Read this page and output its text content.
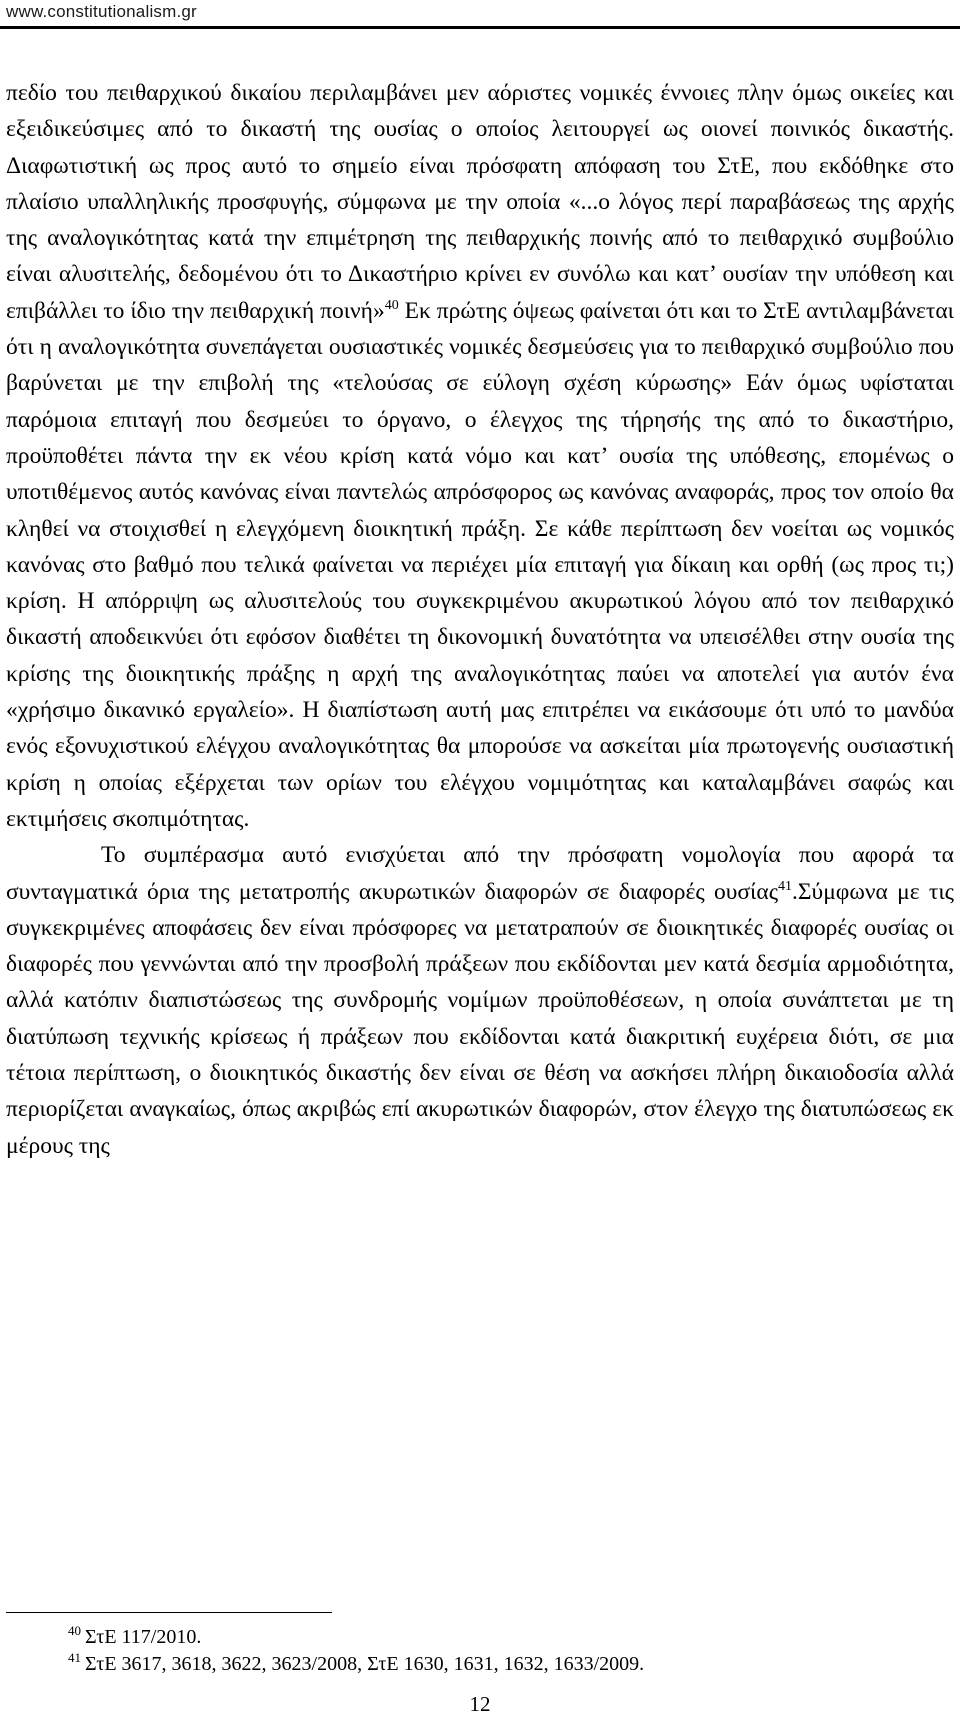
www.constitutionalism.gr

πεδίο του πειθαρχικού δικαίου περιλαμβάνει μεν αόριστες νομικές έννοιες πλην όμως οικείες και εξειδικεύσιμες από το δικαστή της ουσίας ο οποίος λειτουργεί ως οιονεί ποινικός δικαστής. Διαφωτιστική ως προς αυτό το σημείο είναι πρόσφατη απόφαση του ΣτΕ, που εκδόθηκε στο πλαίσιο υπαλληλικής προσφυγής, σύμφωνα με την οποία «...ο λόγος περί παραβάσεως της αρχής της αναλογικότητας κατά την επιμέτρηση της πειθαρχικής ποινής από το πειθαρχικό συμβούλιο είναι αλυσιτελής, δεδομένου ότι το Δικαστήριο κρίνει εν συνόλω και κατ’ ουσίαν την υπόθεση και επιβάλλει το ίδιο την πειθαρχική ποινή»$^{40}$ Εκ πρώτης όψεως φαίνεται ότι και το ΣτΕ αντιλαμβάνεται ότι η αναλογικότητα συνεπάγεται ουσιαστικές νομικές δεσμεύσεις για το πειθαρχικό συμβούλιο που βαρύνεται με την επιβολή της «τελούσας σε εύλογη σχέση κύρωσης» Εάν όμως υφίσταται παρόμοια επιταγή που δεσμεύει το όργανο, ο έλεγχος της τήρησής της από το δικαστήριο, προϋποθέτει πάντα την εκ νέου κρίση κατά νόμο και κατ’ ουσία της υπόθεσης, επομένως ο υποτιθέμενος αυτός κανόνας είναι παντελώς απρόσφορος ως κανόνας αναφοράς, προς τον οποίο θα κληθεί να στοιχισθεί η ελεγχόμενη διοικητική πράξη. Σε κάθε περίπτωση δεν νοείται ως νομικός κανόνας στο βαθμό που τελικά φαίνεται να περιέχει μία επιταγή για δίκαιη και ορθή (ως προς τι;) κρίση. Η απόρριψη ως αλυσιτελούς του συγκεκριμένου ακυρωτικού λόγου από τον πειθαρχικό δικαστή αποδεικνύει ότι εφόσον διαθέτει τη δικονομική δυνατότητα να υπεισέλθει στην ουσία της κρίσης της διοικητικής πράξης η αρχή της αναλογικότητας παύει να αποτελεί για αυτόν ένα «χρήσιμο δικανικό εργαλείο». Η διαπίστωση αυτή μας επιτρέπει να εικάσουμε ότι υπό το μανδύα ενός εξονυχιστικού ελέγχου αναλογικότητας θα μπορούσε να ασκείται μία πρωτογενής ουσιαστική κρίση η οποίας εξέρχεται των ορίων του ελέγχου νομιμότητας και καταλαμβάνει σαφώς και εκτιμήσεις σκοπιμότητας.

Το συμπέρασμα αυτό ενισχύεται από την πρόσφατη νομολογία που αφορά τα συνταγματικά όρια της μετατροπής ακυρωτικών διαφορών σε διαφορές ουσίας$^{41}$.Σύμφωνα με τις συγκεκριμένες αποφάσεις δεν είναι πρόσφορες να μετατραπούν σε διοικητικές διαφορές ουσίας οι διαφορές που γεννώνται από την προσβολή πράξεων που εκδίδονται μεν κατά δεσμία αρμοδιότητα, αλλά κατόπιν διαπιστώσεως της συνδρομής νομίμων προϋποθέσεων, η οποία συνάπτεται με τη διατύπωση τεχνικής κρίσεως ή πράξεων που εκδίδονται κατά διακριτική ευχέρεια διότι, σε μια τέτοια περίπτωση, ο διοικητικός δικαστής δεν είναι σε θέση να ασκήσει πλήρη δικαιοδοσία αλλά περιορίζεται αναγκαίως, όπως ακριβώς επί ακυρωτικών διαφορών, στον έλεγχο της διατυπώσεως εκ μέρους της

$^{40}$ ΣτΕ 117/2010.
$^{41}$ ΣτΕ 3617, 3618, 3622, 3623/2008, ΣτΕ 1630, 1631, 1632, 1633/2009.
12
